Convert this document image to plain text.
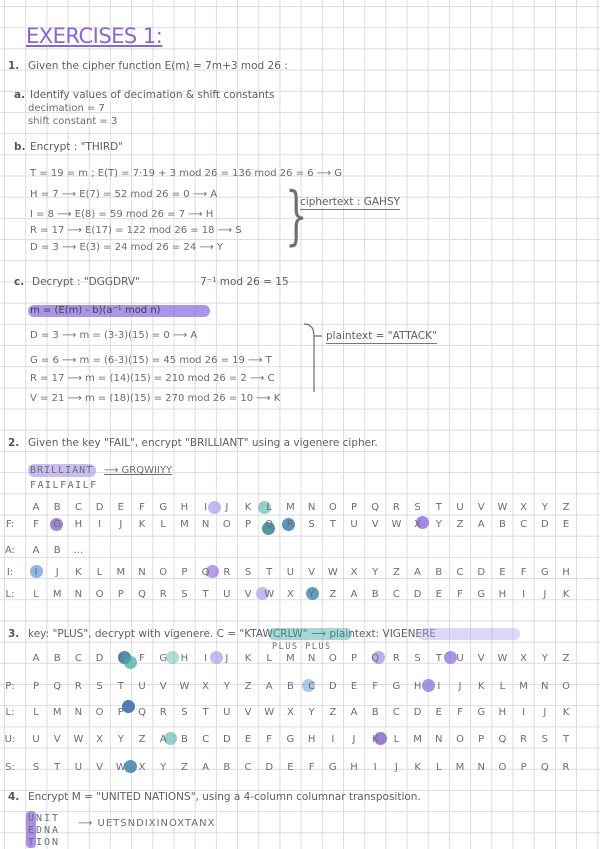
EXERCISES 1:
1. Given the cipher function E(m) = 7m+3 mod 26 :
a. Identify values of decimation & shift constants
decimation = 7
shift constant = 3
b. Encrypt : "THIRD"
T = 19 = m ; E(T) = 7·19 + 3 mod 26 = 136 mod 26 = 6 ⟶ G
H = 7 ⟶ E(7) = 52 mod 26 = 0 ⟶ A
I = 8 ⟶ E(8) = 59 mod 26 = 7 ⟶ H
R = 17 ⟶ E(17) = 122 mod 26 = 18 ⟶ S
D = 3 ⟶ E(3) = 24 mod 26 = 24 ⟶ Y }
ciphertext : GAHSY
c. Decrypt : "DGGDRV"	7⁻¹ mod 26 = 15
m = (E(m) - b)(a⁻¹ mod n)
D = 3 ⟶ m = (3-3)(15) = 0 ⟶ A
G = 6 ⟶ m = (6-3)(15) = 45 mod 26 = 19 ⟶ T
R = 17 ⟶ m = (14)(15) = 210 mod 26 = 2 ⟶ C
V = 21 ⟶ m = (18)(15) = 270 mod 26 = 10 ⟶ K
plaintext = "ATTACK"
2. Given the key "FAIL", encrypt "BRILLIANT" using a vigenere cipher.
BRILLIANT ⟶ GRQWIIYY
FAILFAILF
A	B	C	D	E	F	G	H	I	J	K	L	M	N	O	P	Q	R	S	T	U	V	W	X	Y	Z
F:	F	G	H	I	J	K	L	M	N	O	P	Q	R	S	T	U	V	W	X	Y	Z	A	B	C	D	E
A:	A	B	...
I:	I	J	K	L	M	N	O	P	Q	R	S	T	U	V	W	X	Y	Z	A	B	C	D	E	F	G	H
L:	L	M	N	O	P	Q	R	S	T	U	V	W	X	Y	Z	A	B	C	D	E	F	G	H	I	J	K
3. key: "PLUS", decrypt with vigenere. C = "KTAWCRLW" ⟶ plaintext: VIGENERE
PLUS PLUS
A	B	C	D	E	F	G	H	I	J	K	L	M	N	O	P	Q	R	S	T	U	V	W	X	Y	Z
P:	P	Q	R	S	T	U	V	W	X	Y	Z	A	B	C	D	E	F	G	H	I	J	K	L	M	N	O
L:	L	M	N	O	P	Q	R	S	T	U	V	W	X	Y	Z	A	B	C	D	E	F	G	H	I	J	K
U:	U	V	W	X	Y	Z	A	B	C	D	E	F	G	H	I	J	K	L	M	N	O	P	Q	R	S	T
S:	S	T	U	V	W	X	Y	Z	A	B	C	D	E	F	G	H	I	J	K	L	M	N	O	P	Q	R
4. Encrypt M = "UNITED NATIONS", using a 4-column columnar transposition.
UNIT
EDNA
TION
⟶ UETSNDIXINOXTANX
